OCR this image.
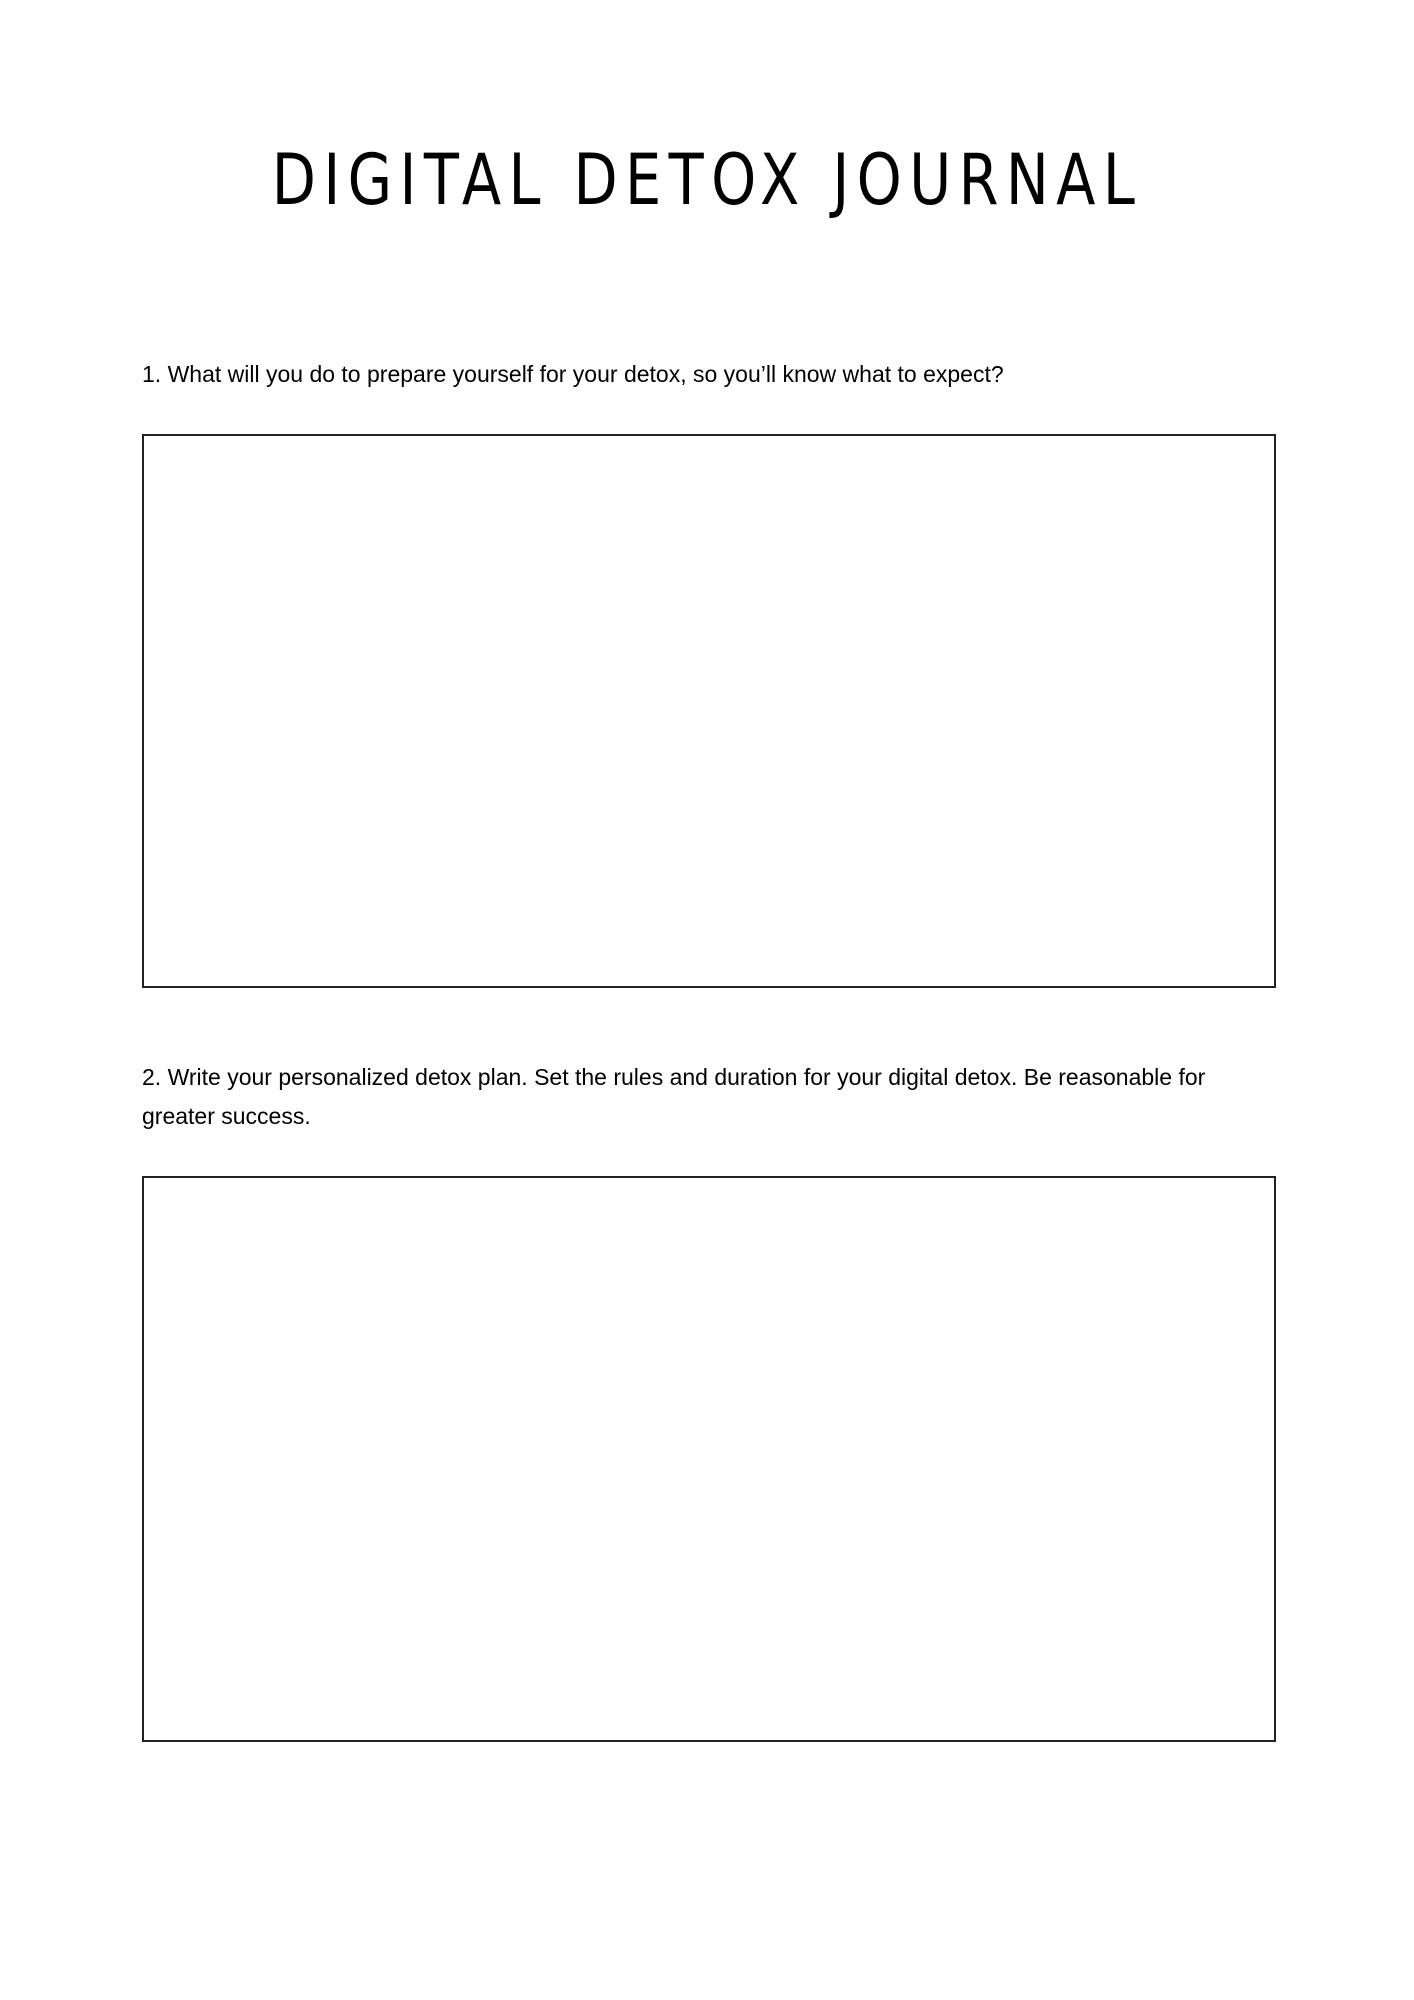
DIGITAL DETOX JOURNAL

1. What will you do to prepare yourself for your detox, so you’ll know what to expect?

2. Write your personalized detox plan. Set the rules and duration for your digital detox. Be reasonable for greater success.
